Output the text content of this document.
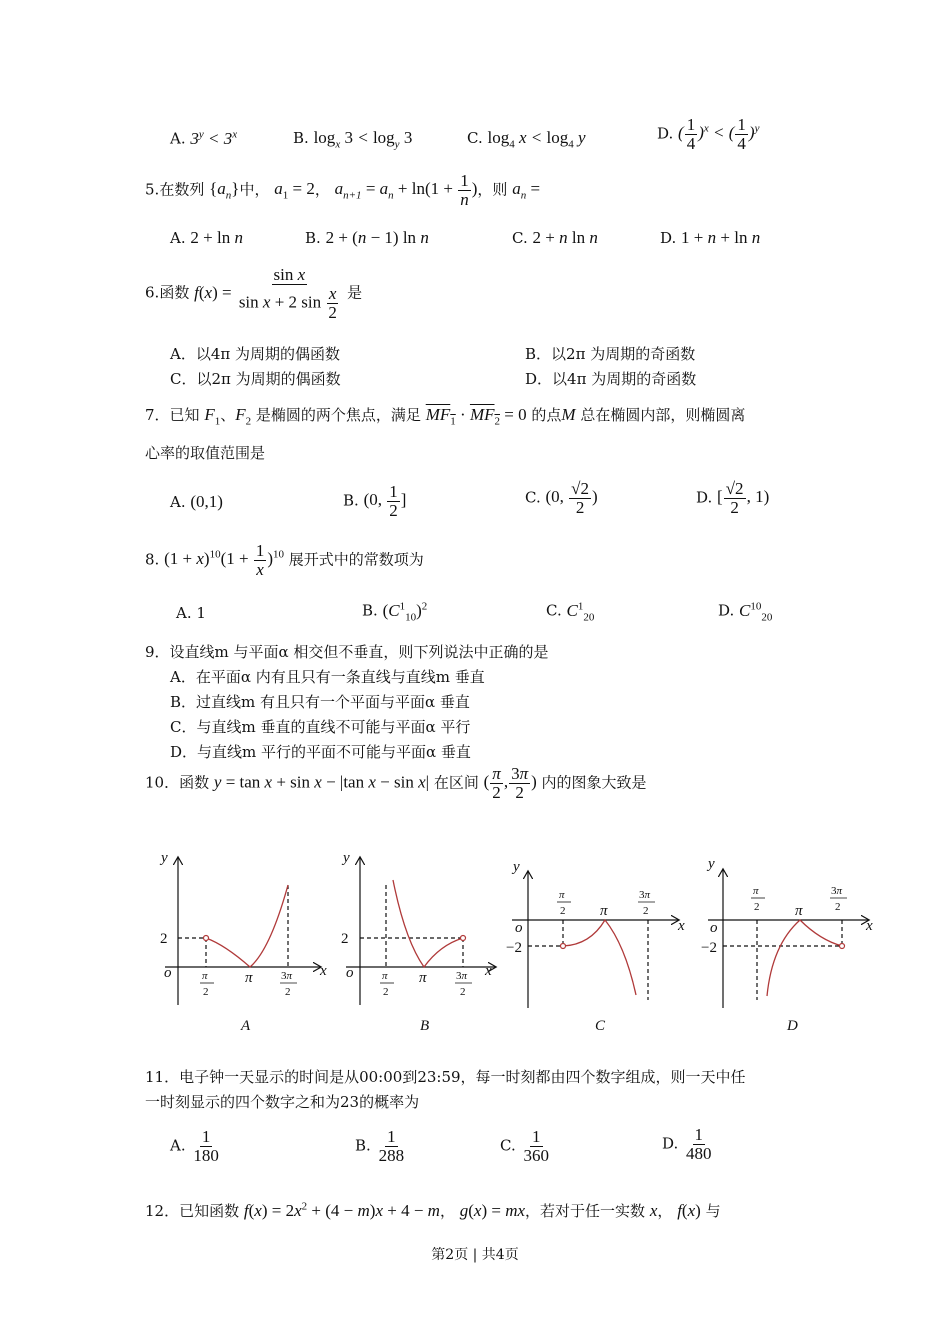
A. $3^y < 3^x$	B. $\log_x 3 < \log_y 3$	C. $\log_4 x < \log_4 y$	D. ( $\frac{1}{4} )^x$ < ( $\frac{1}{4} )^y$
5.在数列 $\{a_n\}$中， $a_1 = 2$， $a_{n+1} = a_n + \ln(1 + \frac{1}{n}$ )，则 $a_n$ =
A. 2 + ln n	B. 2 + (n − 1) ln n	C. 2 + n ln n	D. 1 + n + ln n
6.函数 $f(x) = \frac{\text{sin x}}{\sin x + 2 \sin \frac{x}{2}}$ 是
A．以4π 为周期的偶函数	B．以2π 为周期的奇函数
C．以2π 为周期的偶函数	D．以4π 为周期的奇函数
7．已知 $F_1$、$F_2$ 是椭圆的两个焦点，满足 $MF_1 \cdot MF_2 = 0$ 的点M 总在椭圆内部，则椭圆离
心率的取值范围是
A. (0,1)	B. (0, $\frac{1}{2}$ ]	C. (0, $\frac{√2}{2}$ )	D. [ $\frac{√2}{2}$ , 1)
8. $(1 + x)^{10}(1 + \frac{1}{x} )^{10}$ 展开式中的常数项为
A. 1	B. $(C^1_{10})^2$	C. $C^1_{20}$	D. $C^{10}_{20}$
9．设直线m 与平面α 相交但不垂直，则下列说法中正确的是
A．在平面α 内有且只有一条直线与直线m 垂直
B．过直线m 有且只有一个平面与平面α 垂直
C．与直线m 垂直的直线不可能与平面α 平行
D．与直线m 平行的平面不可能与平面α 垂直
10．函数 y = tan x + sin x − |tan x − sin x| 在区间 ( $\frac{\pi}{2}$ , $\frac{3\pi}{2}$ ) 内的图象大致是
y
x
o
2
π
π
2
3π
2
A
y
x
o
2
π
π
2
3π
2
B
y
x
o
−2
π
π
2
3π
2
C
y
x
o
−2
π
π
2
3π
2
D
11．电子钟一天显示的时间是从00:00到23:59，每一时刻都由四个数字组成，则一天中任
一时刻显示的四个数字之和为23的概率为
A. $\frac{1}{180}$	B. $\frac{1}{288}$	C. $\frac{1}{360}$	D. $\frac{1}{480}$
12．已知函数 $f(x) = 2x^2 + (4 - m)x + 4 - m$， g(x) = mx，若对于任一实数 x， f(x) 与
第2页 | 共4页
